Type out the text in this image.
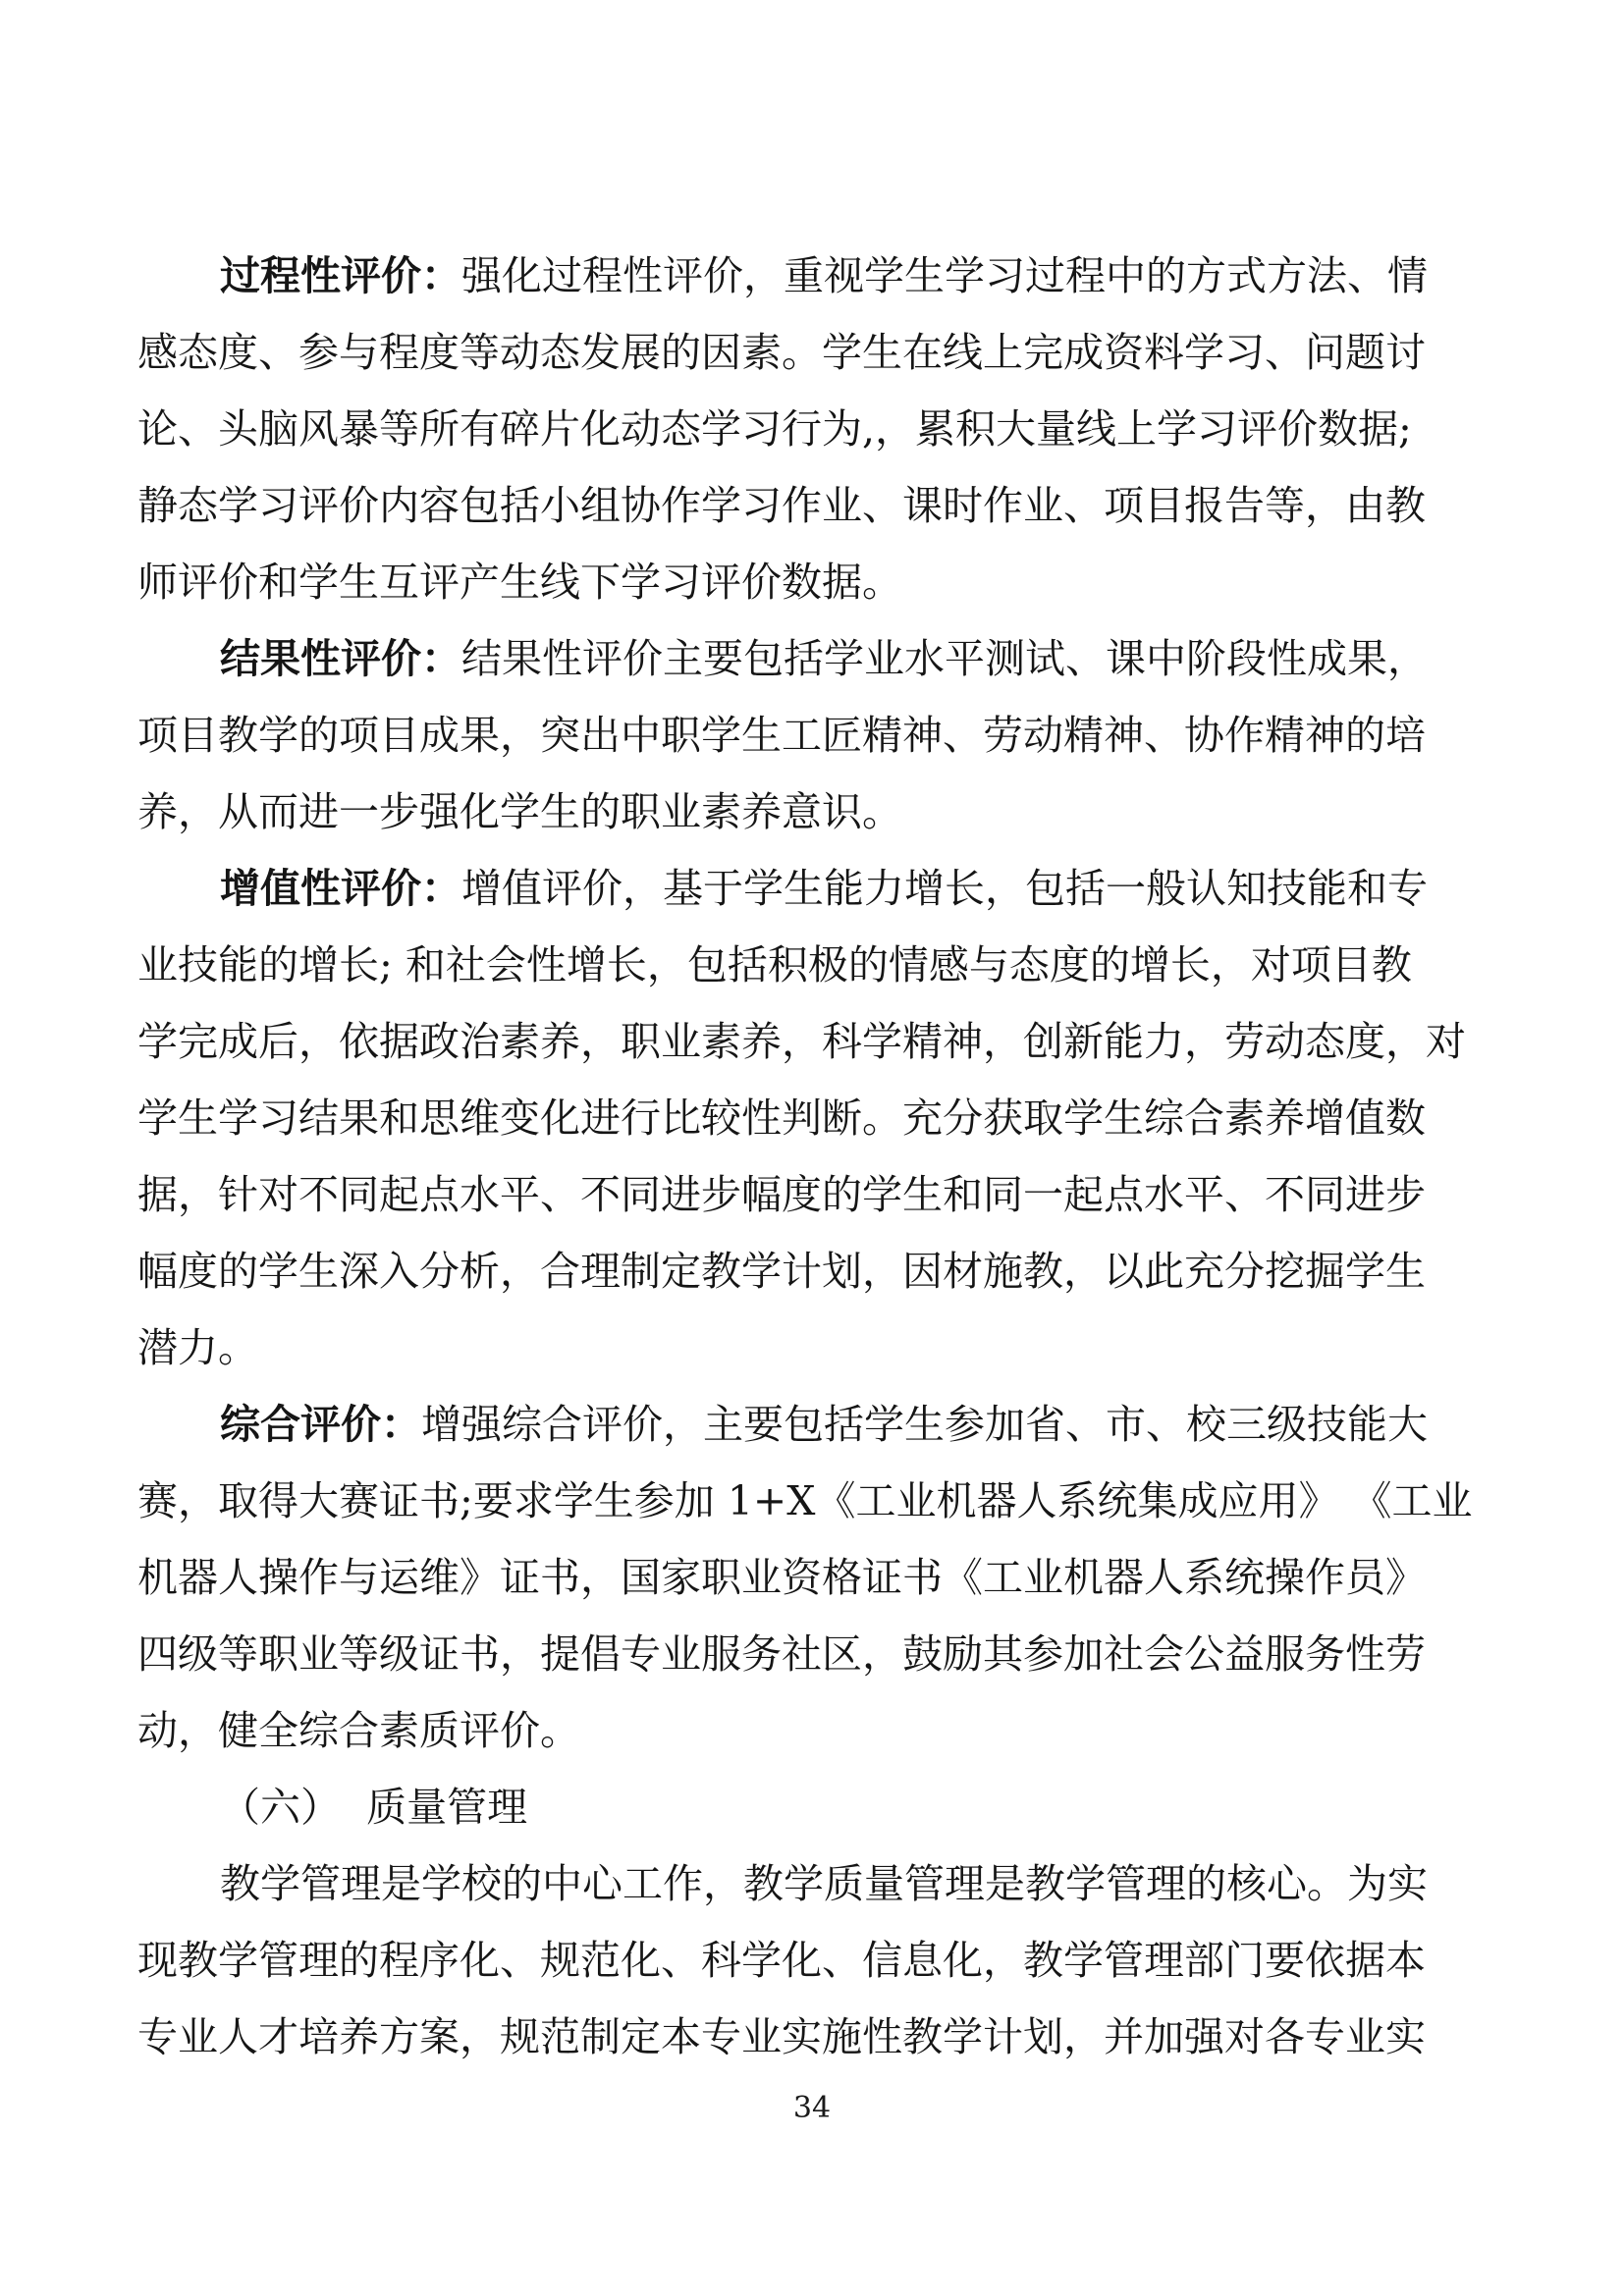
过程性评价：强化过程性评价，重视学生学习过程中的方式方法、情
感态度、参与程度等动态发展的因素。学生在线上完成资料学习、问题讨
论、头脑风暴等所有碎片化动态学习行为,，累积大量线上学习评价数据;
静态学习评价内容包括小组协作学习作业、课时作业、项目报告等，由教
师评价和学生互评产生线下学习评价数据。
结果性评价：结果性评价主要包括学业水平测试、课中阶段性成果，
项目教学的项目成果，突出中职学生工匠精神、劳动精神、协作精神的培
养，从而进一步强化学生的职业素养意识。
增值性评价：增值评价，基于学生能力增长，包括一般认知技能和专
业技能的增长; 和社会性增长，包括积极的情感与态度的增长，对项目教
学完成后，依据政治素养，职业素养，科学精神，创新能力，劳动态度，对
学生学习结果和思维变化进行比较性判断。充分获取学生综合素养增值数
据，针对不同起点水平、不同进步幅度的学生和同一起点水平、不同进步
幅度的学生深入分析，合理制定教学计划，因材施教，以此充分挖掘学生
潜力。
综合评价：增强综合评价，主要包括学生参加省、市、校三级技能大
赛，取得大赛证书;要求学生参加 1+X《工业机器人系统集成应用》 《工业
机器人操作与运维》证书，国家职业资格证书《工业机器人系统操作员》
四级等职业等级证书，提倡专业服务社区，鼓励其参加社会公益服务性劳
动，健全综合素质评价。
（六）  质量管理
教学管理是学校的中心工作，教学质量管理是教学管理的核心。为实
现教学管理的程序化、规范化、科学化、信息化，教学管理部门要依据本
专业人才培养方案，规范制定本专业实施性教学计划，并加强对各专业实
34
